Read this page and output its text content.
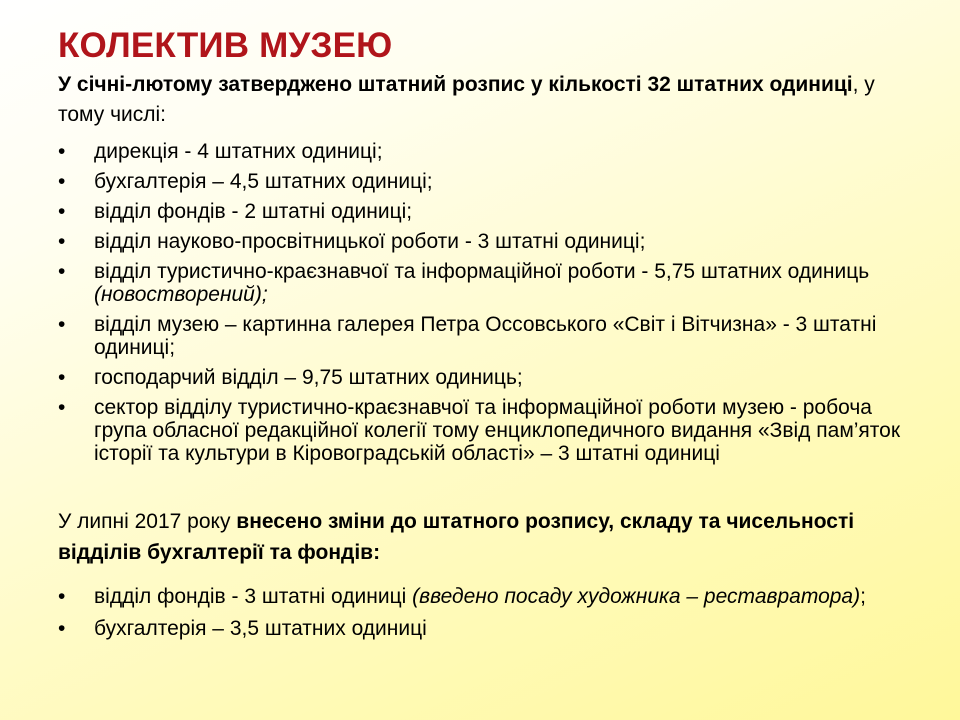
КОЛЕКТИВ МУЗЕЮ
У січні-лютому затверджено штатний розпис у кількості 32 штатних одиниці, у тому числі:
•	дирекція - 4 штатних одиниці;
•	бухгалтерія – 4,5 штатних одиниці;
•	відділ фондів - 2 штатні одиниці;
•	відділ науково-просвітницької роботи - 3 штатні одиниці;
•	відділ туристично-краєзнавчої та інформаційної роботи - 5,75 штатних одиниць (новостворений);
•	відділ музею – картинна галерея Петра Оссовського «Світ і Вітчизна» - 3 штатні одиниці;
•	господарчий відділ – 9,75 штатних одиниць;
•	сектор відділу туристично-краєзнавчої та інформаційної роботи музею - робоча група обласної редакційної колегії тому енциклопедичного видання «Звід пам’яток історії та культури в Кіровоградській області» – 3 штатні одиниці
У липні 2017 року внесено зміни до штатного розпису, складу та чисельності відділів бухгалтерії та фондів:
•	відділ фондів - 3 штатні одиниці (введено посаду художника – реставратора);
•	бухгалтерія – 3,5 штатних одиниці
